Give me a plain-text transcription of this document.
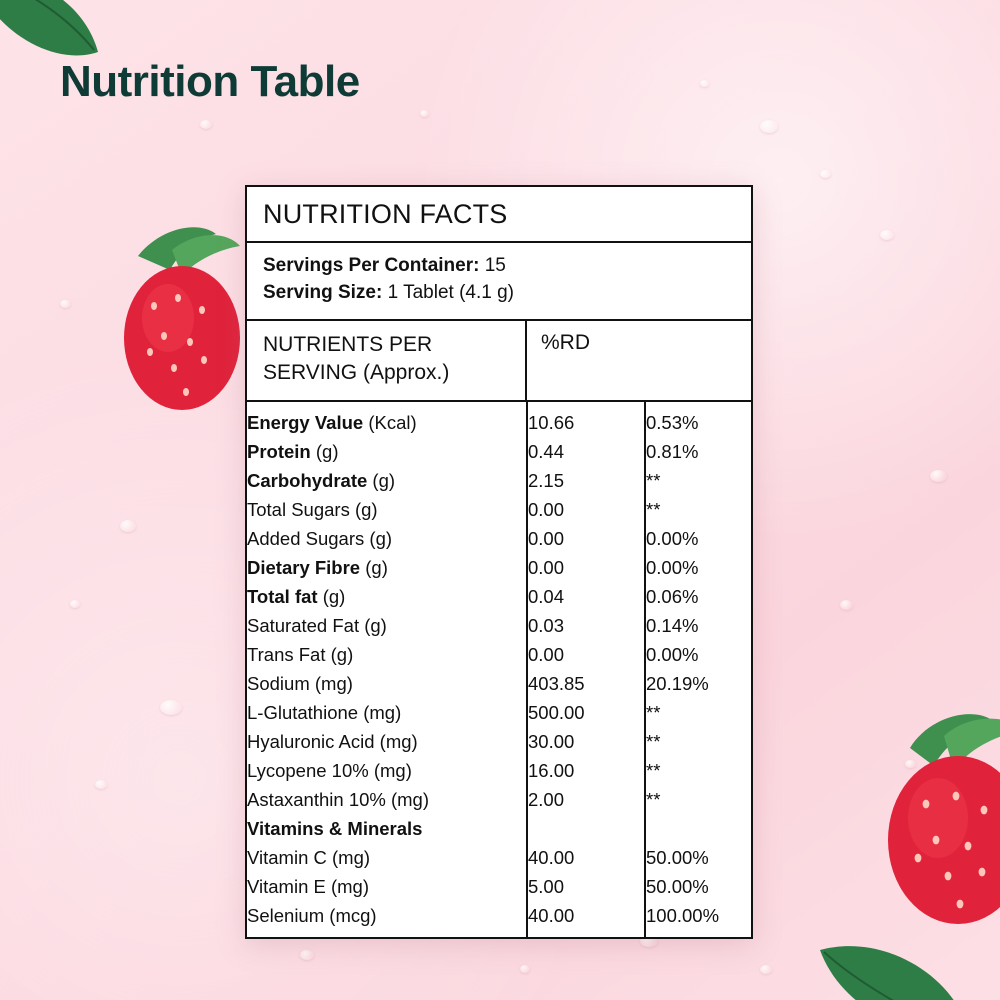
Nutrition Table
NUTRITION FACTS
Servings Per Container: 15
Serving Size: 1 Tablet (4.1 g)
NUTRIENTS PER SERVING (Approx.)
%RD
Energy Value (Kcal)	10.66	0.53%
Protein (g)	0.44	0.81%
Carbohydrate (g)	2.15	**
Total Sugars (g)	0.00	**
Added Sugars (g)	0.00	0.00%
Dietary Fibre (g)	0.00	0.00%
Total fat (g)	0.04	0.06%
Saturated Fat (g)	0.03	0.14%
Trans Fat (g)	0.00	0.00%
Sodium (mg)	403.85	20.19%
L-Glutathione (mg)	500.00	**
Hyaluronic Acid (mg)	30.00	**
Lycopene 10% (mg)	16.00	**
Astaxanthin 10% (mg)	2.00	**
Vitamins & Minerals		
Vitamin C (mg)	40.00	50.00%
Vitamin E (mg)	5.00	50.00%
Selenium (mcg)	40.00	100.00%
